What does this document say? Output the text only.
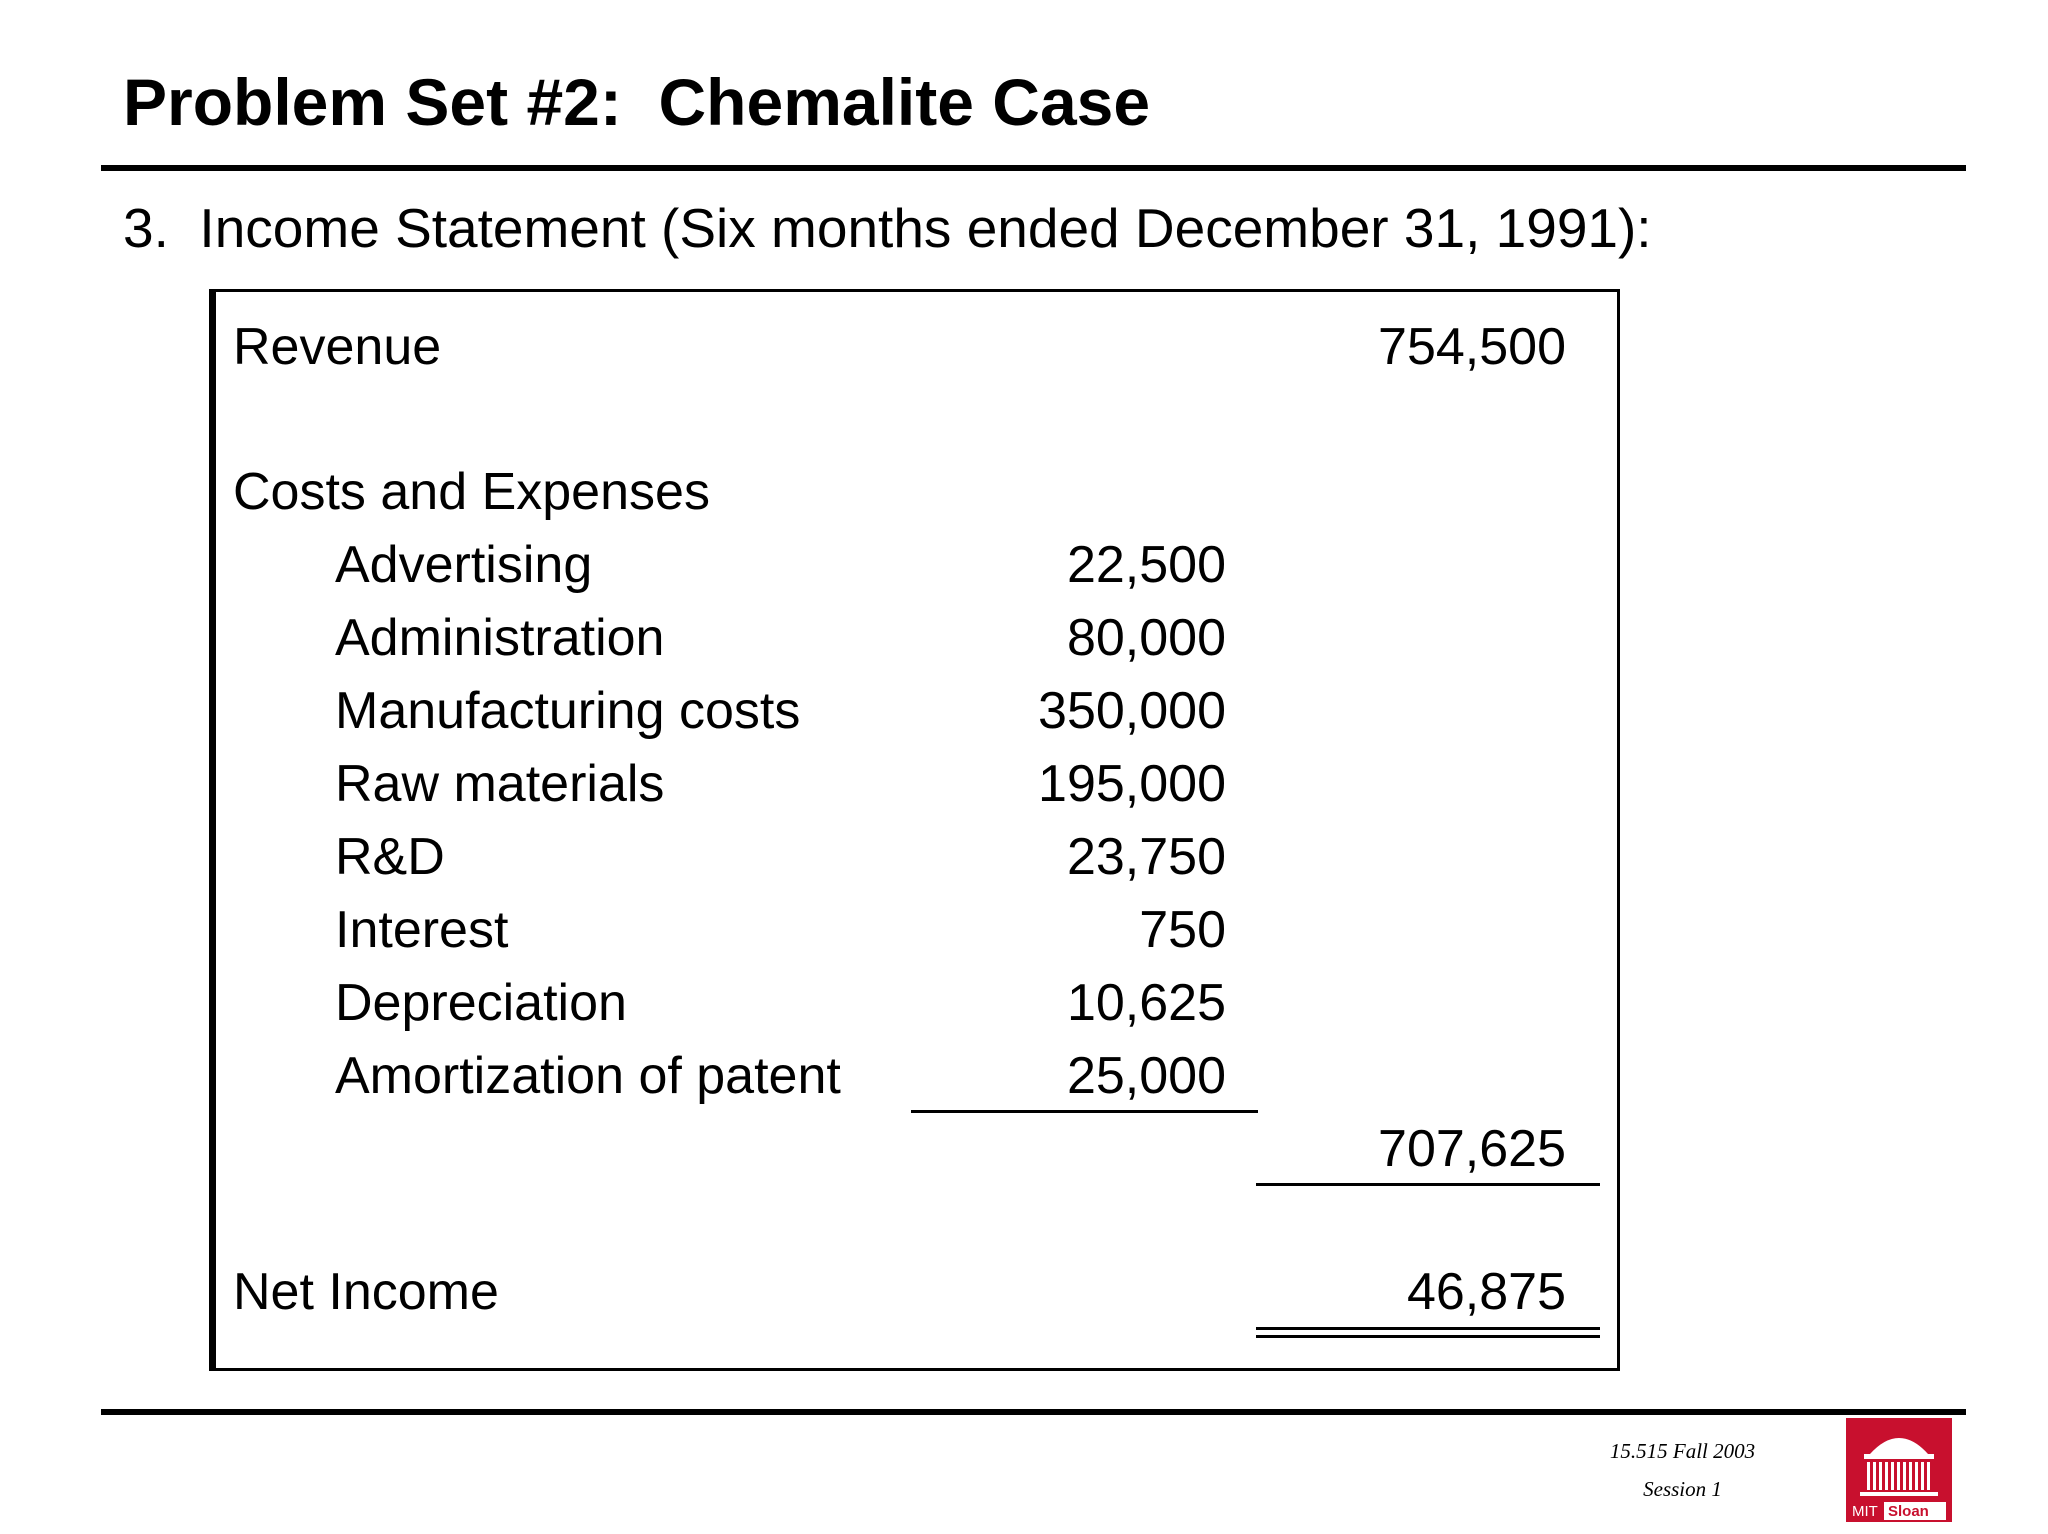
Problem Set #2:  Chemalite Case
3.  Income Statement (Six months ended December 31, 1991):
Revenue	754,500
Costs and Expenses
Advertising	22,500
Administration	80,000
Manufacturing costs	350,000
Raw materials	195,000
R&D	23,750
Interest	750
Depreciation	10,625
Amortization of patent	25,000
707,625
Net Income	46,875
15.515 Fall 2003
Session 1
MIT Sloan
